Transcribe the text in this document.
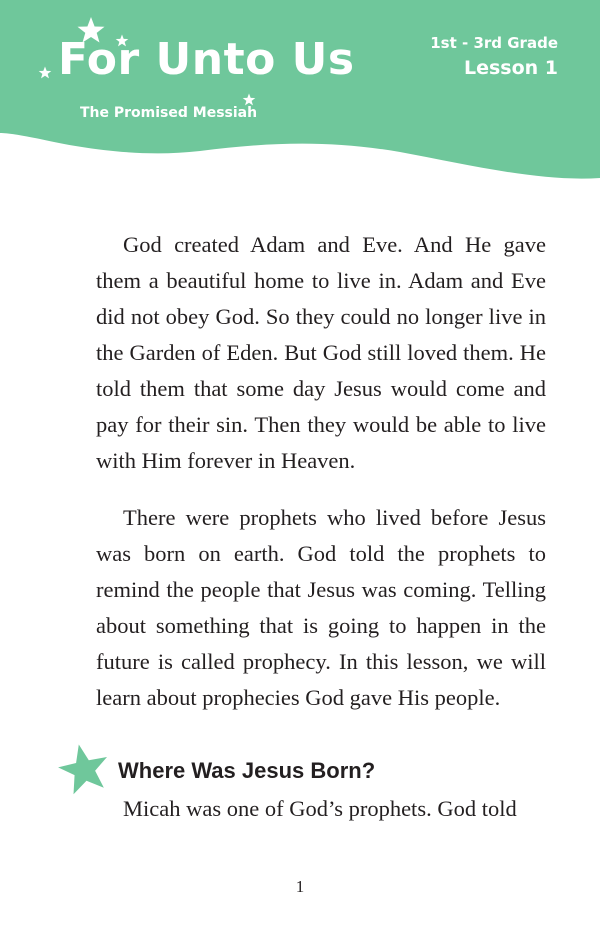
For Unto Us
The Promised Messiah
1st - 3rd Grade
Lesson 1

God created Adam and Eve. And He gave them a beautiful home to live in. Adam and Eve did not obey God. So they could no longer live in the Garden of Eden. But God still loved them. He told them that some day Jesus would come and pay for their sin. Then they would be able to live with Him forever in Heaven.

There were prophets who lived before Jesus was born on earth. God told the prophets to remind the people that Jesus was coming. Telling about something that is going to happen in the future is called prophecy. In this lesson, we will learn about prophecies God gave His people.

Where Was Jesus Born?

Micah was one of God’s prophets. God told

1
